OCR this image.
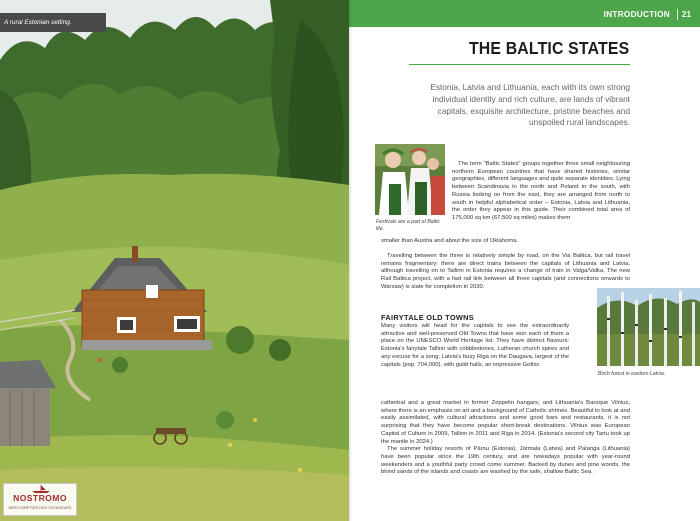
A rural Estonian setting.
NOSTROMO
WEB COMPTOIR DES VOYAGEURS
INTRODUCTION 21
THE BALTIC STATES
Estonia, Latvia and Lithuania, each with its own strong individual identity and rich culture, are lands of vibrant capitals, exquisite architecture, pristine beaches and unspoiled rural landscapes.
Festivals are a part of Baltic life.

The term "Baltic States" groups together three small neighbouring northern European countries that have shared histories, similar geographies, different languages and quite separate identities. Lying between Scandinavia in the north and Poland in the south, with Russia looking on from the east, they are arranged from north to south in helpful alphabetical order – Estonia, Latvia and Lithuania, the order they appear in this guide. Their combined total area of 175,000 sq km (67,500 sq miles) makes them

smaller than Austria and about the size of Oklahoma.

Travelling between the three is relatively simple by road, on the Via Baltica, but rail travel remains fragmentary: there are direct trains between the capitals of Lithuania and Latvia, although travelling on to Tallinn in Estonia requires a change of train in Valga/Valka. The new Rail Baltica project, with a fast rail link between all three capitals (and connections onwards to Warsaw) is slate for completion in 2030.

FAIRYTALE OLD TOWNS

Many visitors will head for the capitals to see the extraordinarily attractive and well-preserved Old Towns that have won each of them a place on the UNESCO World Heritage list. They have distinct flavours: Estonia's fairytale Tallinn with cobblestones, Lutheran church spires and any excuse for a song; Latvia's busy Riga on the Daugava, largest of the capitals (pop. 704,000), with guild halls, an impressive Gothic

cathedral and a great market in former Zeppelin hangars; and Lithuania's Baroque Vilnius, where there is an emphasis on art and a background of Catholic shrines. Beautiful to look at and easily assimilated, with cultural attractions and some good bars and restaurants, it is not surprising that they have become popular short-break destinations. Vilnius was European Capital of Culture in 2009, Tallinn in 2011 and Riga in 2014. (Estonia's second city Tartu took up the mantle in 2024.)

The summer holiday resorts of Pärnu (Estonia), Jūrmala (Latvia) and Palanga (Lithuania) have been popular since the 19th century, and are nowadays popular with year-round weekenders and a youthful party crowd come summer. Backed by dunes and pine woods, the blond sands of the islands and coasts are washed by the safe, shallow Baltic Sea.

Birch forest in eastern Latvia.
